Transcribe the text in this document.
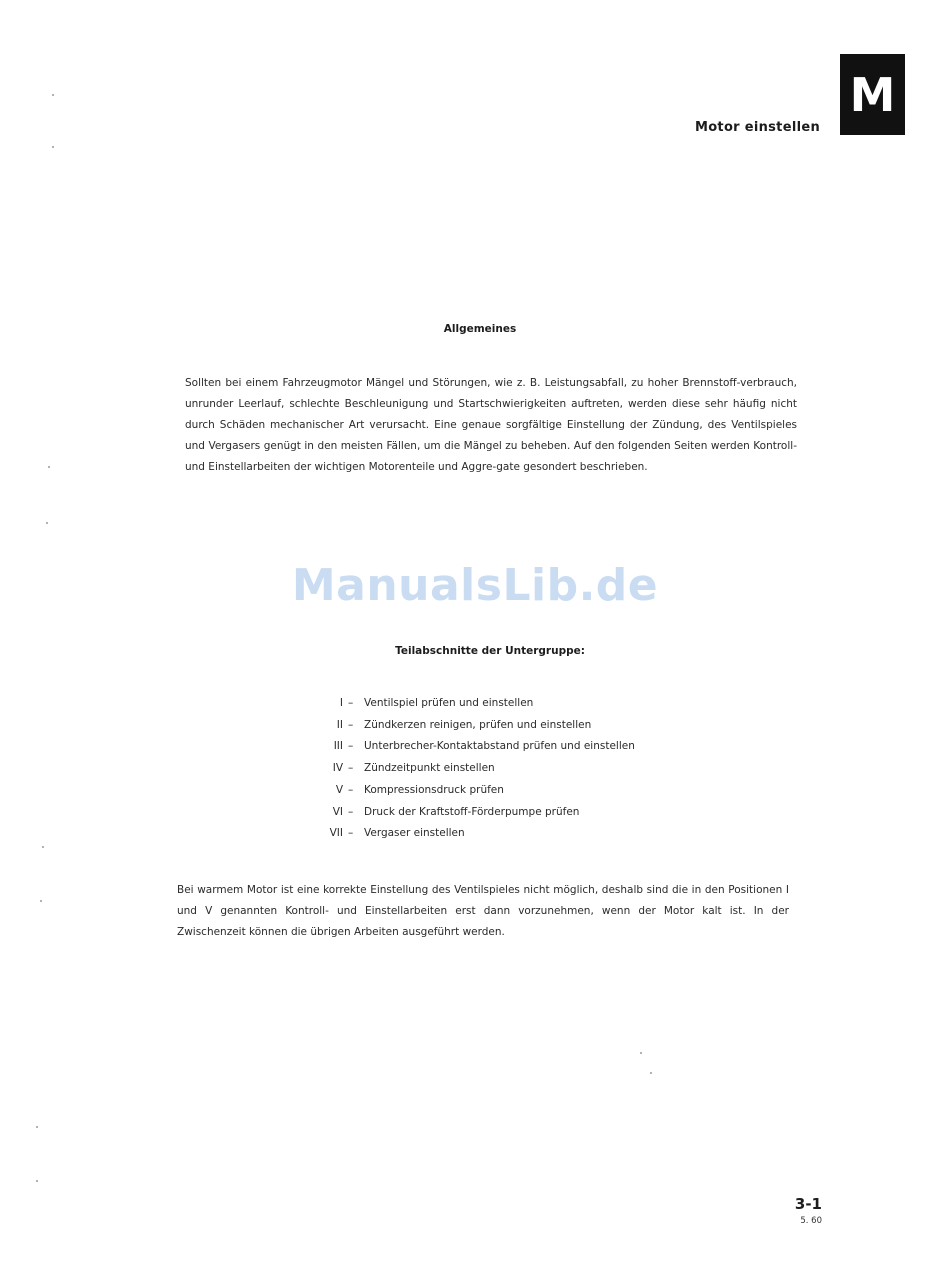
Motor einstellen
M
Allgemeines
Sollten bei einem Fahrzeugmotor Mängel und Störungen, wie z. B. Leistungsabfall, zu hoher Brennstoff-verbrauch, unrunder Leerlauf, schlechte Beschleunigung und Startschwierigkeiten auftreten, werden diese sehr häufig nicht durch Schäden mechanischer Art verursacht. Eine genaue sorgfältige Einstellung der Zündung, des Ventilspieles und Vergasers genügt in den meisten Fällen, um die Mängel zu beheben. Auf den folgenden Seiten werden Kontroll- und Einstellarbeiten der wichtigen Motorenteile und Aggre-gate gesondert beschrieben.
ManualsLib.de
Teilabschnitte der Untergruppe:
I –	Ventilspiel prüfen und einstellen
II –	Zündkerzen reinigen, prüfen und einstellen
III –	Unterbrecher-Kontaktabstand prüfen und einstellen
IV –	Zündzeitpunkt einstellen
V –	Kompressionsdruck prüfen
VI –	Druck der Kraftstoff-Förderpumpe prüfen
VII –	Vergaser einstellen
Bei warmem Motor ist eine korrekte Einstellung des Ventilspieles nicht möglich, deshalb sind die in den Positionen I und V genannten Kontroll- und Einstellarbeiten erst dann vorzunehmen, wenn der Motor kalt ist. In der Zwischenzeit können die übrigen Arbeiten ausgeführt werden.
3-1
5. 60
